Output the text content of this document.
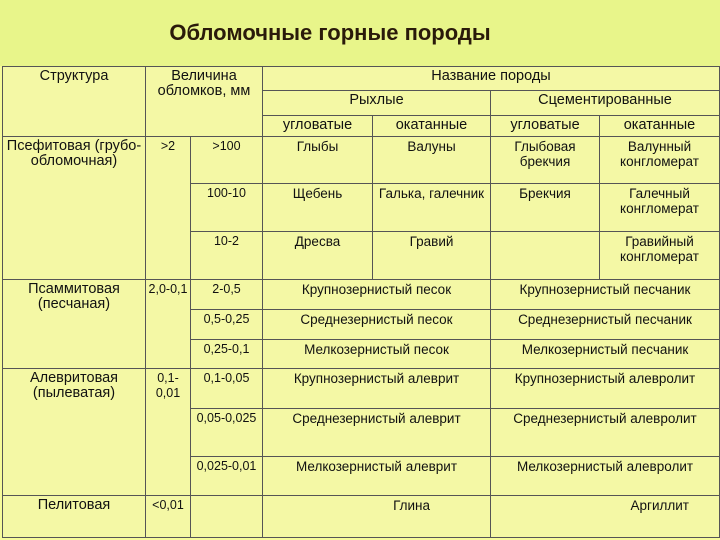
Обломочные горные породы
Структура	Величина обломков, мм		Название породы			
			Рыхлые		Сцементированные	
			угловатые	окатанные	угловатые	окатанные
Псефитовая (грубо-обломочная)	>2	>100	Глыбы	Валуны	Глыбовая брекчия	Валунный конгломерат
		100-10	Щебень	Галька, галечник	Брекчия	Галечный конгломерат
		10-2	Дресва	Гравий		Гравийный конгломерат
Псаммитовая (песчаная)	2,0-0,1	2-0,5	Крупнозернистый песок		Крупнозернистый песчаник	
		0,5-0,25	Среднезернистый песок		Среднезернистый песчаник	
		0,25-0,1	Мелкозернистый песок		Мелкозернистый песчаник	
Алевритовая (пылеватая)	0,1-0,01	0,1-0,05	Крупнозернистый алеврит		Крупнозернистый алевролит	
		0,05-0,025	Среднезернистый алеврит		Среднезернистый алевролит	
		0,025-0,01	Мелкозернистый алеврит		Мелкозернистый алевролит	
Пелитовая	<0,01		Глина		Аргиллит	
